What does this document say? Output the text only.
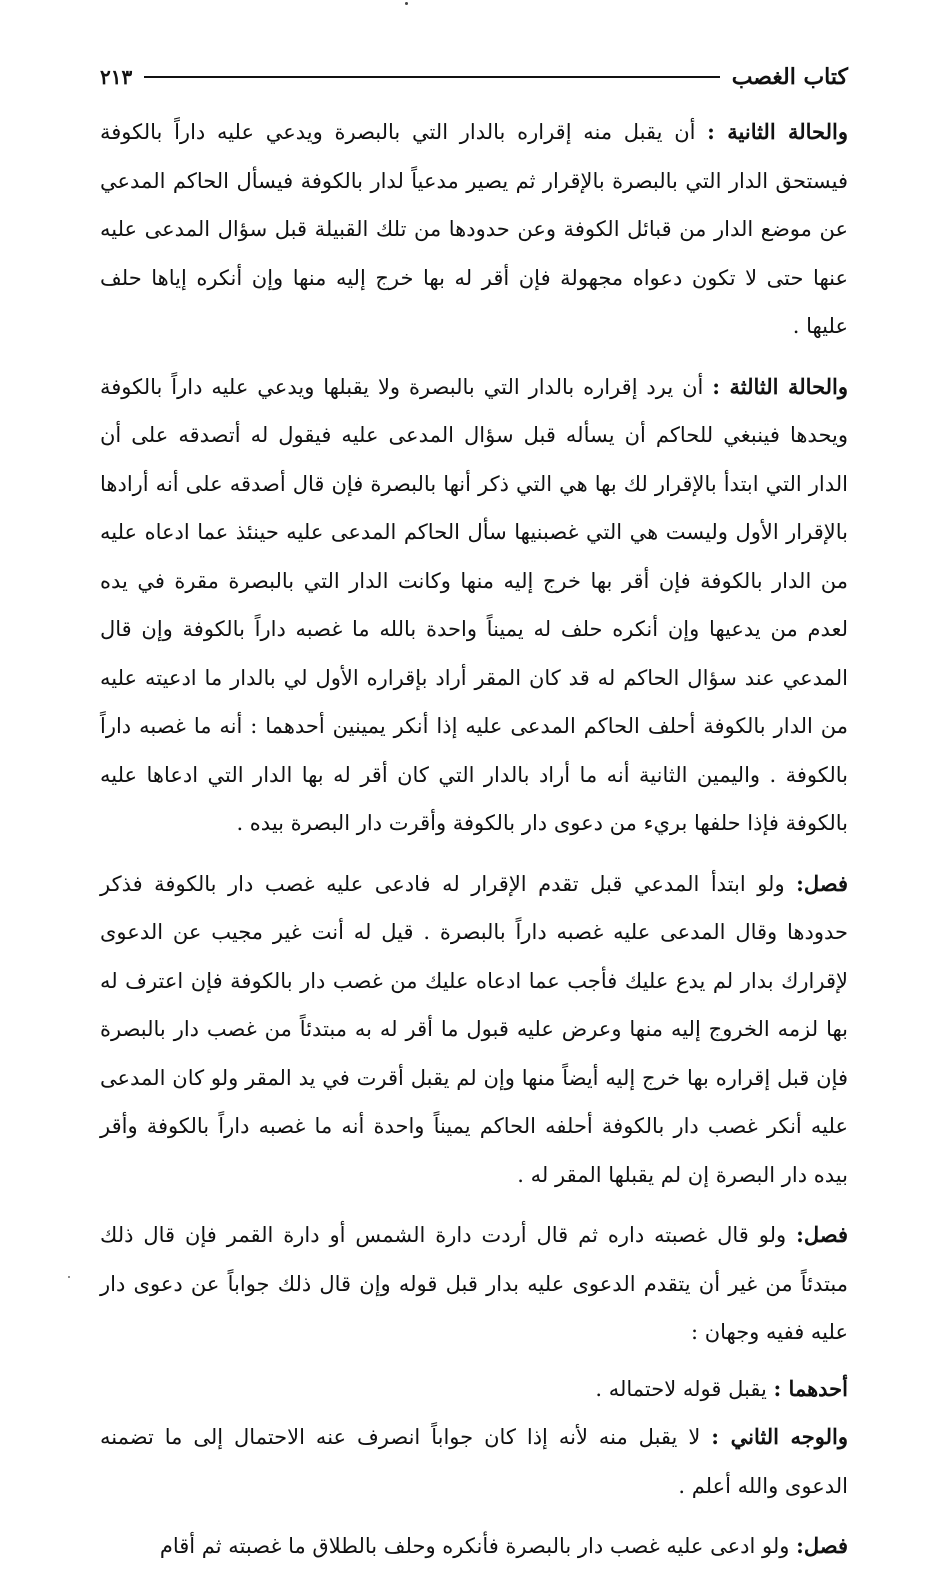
كتاب الغصب
٢١٣

والحالة الثانية : أن يقبل منه إقراره بالدار التي بالبصرة ويدعي عليه داراً بالكوفة فيستحق الدار التي بالبصرة بالإقرار ثم يصير مدعياً لدار بالكوفة فيسأل الحاكم المدعي عن موضع الدار من قبائل الكوفة وعن حدودها من تلك القبيلة قبل سؤال المدعى عليه عنها حتى لا تكون دعواه مجهولة فإن أقر له بها خرج إليه منها وإن أنكره إياها حلف عليها .

والحالة الثالثة : أن يرد إقراره بالدار التي بالبصرة ولا يقبلها ويدعي عليه داراً بالكوفة ويحدها فينبغي للحاكم أن يسأله قبل سؤال المدعى عليه فيقول له أتصدقه على أن الدار التي ابتدأ بالإقرار لك بها هي التي ذكر أنها بالبصرة فإن قال أصدقه على أنه أرادها بالإقرار الأول وليست هي التي غصبنيها سأل الحاكم المدعى عليه حينئذ عما ادعاه عليه من الدار بالكوفة فإن أقر بها خرج إليه منها وكانت الدار التي بالبصرة مقرة في يده لعدم من يدعيها وإن أنكره حلف له يميناً واحدة بالله ما غصبه داراً بالكوفة وإن قال المدعي عند سؤال الحاكم له قد كان المقر أراد بإقراره الأول لي بالدار ما ادعيته عليه من الدار بالكوفة أحلف الحاكم المدعى عليه إذا أنكر يمينين أحدهما : أنه ما غصبه داراً بالكوفة . واليمين الثانية أنه ما أراد بالدار التي كان أقر له بها الدار التي ادعاها عليه بالكوفة فإذا حلفها بريء من دعوى دار بالكوفة وأقرت دار البصرة بيده .

فصل: ولو ابتدأ المدعي قبل تقدم الإقرار له فادعى عليه غصب دار بالكوفة فذكر حدودها وقال المدعى عليه غصبه داراً بالبصرة . قيل له أنت غير مجيب عن الدعوى لإقرارك بدار لم يدع عليك فأجب عما ادعاه عليك من غصب دار بالكوفة فإن اعترف له بها لزمه الخروج إليه منها وعرض عليه قبول ما أقر له به مبتدئاً من غصب دار بالبصرة فإن قبل إقراره بها خرج إليه أيضاً منها وإن لم يقبل أقرت في يد المقر ولو كان المدعى عليه أنكر غصب دار بالكوفة أحلفه الحاكم يميناً واحدة أنه ما غصبه داراً بالكوفة وأقر بيده دار البصرة إن لم يقبلها المقر له .

فصل: ولو قال غصبته داره ثم قال أردت دارة الشمس أو دارة القمر فإن قال ذلك مبتدئاً من غير أن يتقدم الدعوى عليه بدار قبل قوله وإن قال ذلك جواباً عن دعوى دار عليه ففيه وجهان :

أحدهما : يقبل قوله لاحتماله .

والوجه الثاني : لا يقبل منه لأنه إذا كان جواباً انصرف عنه الاحتمال إلى ما تضمنه الدعوى والله أعلم .

فصل: ولو ادعى عليه غصب دار بالبصرة فأنكره وحلف بالطلاق ما غصبته ثم أقام
